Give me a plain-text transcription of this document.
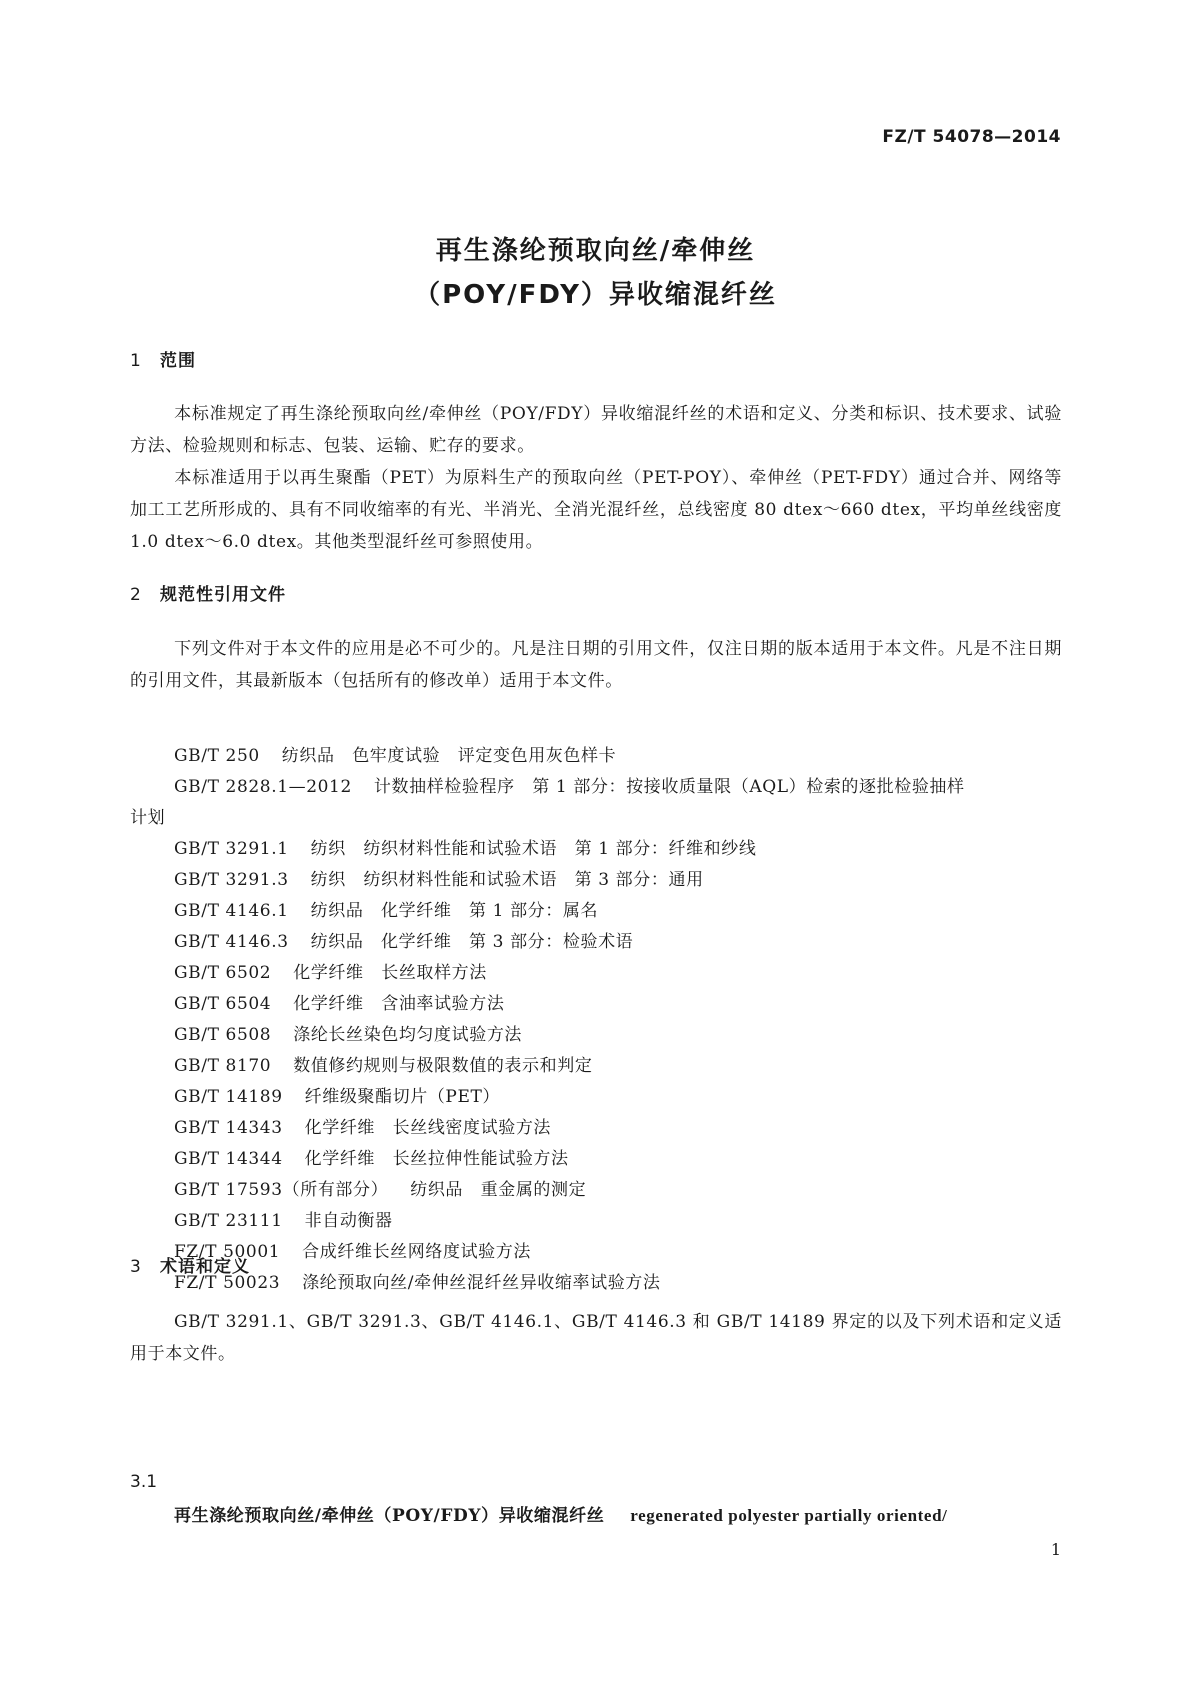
FZ/T 54078—2014
再生涤纶预取向丝/牵伸丝
（POY/FDY）异收缩混纤丝
1 范围
本标准规定了再生涤纶预取向丝/牵伸丝（POY/FDY）异收缩混纤丝的术语和定义、分类和标识、技术要求、试验方法、检验规则和标志、包装、运输、贮存的要求。
本标准适用于以再生聚酯（PET）为原料生产的预取向丝（PET-POY）、牵伸丝（PET-FDY）通过合并、网络等加工工艺所形成的、具有不同收缩率的有光、半消光、全消光混纤丝，总线密度 80 dtex～660 dtex，平均单丝线密度 1.0 dtex～6.0 dtex。其他类型混纤丝可参照使用。
2 规范性引用文件
下列文件对于本文件的应用是必不可少的。凡是注日期的引用文件，仅注日期的版本适用于本文件。凡是不注日期的引用文件，其最新版本（包括所有的修改单）适用于本文件。
GB/T 250 纺织品　色牢度试验　评定变色用灰色样卡
GB/T 2828.1—2012 计数抽样检验程序　第 1 部分：按接收质量限（AQL）检索的逐批检验抽样
计划
GB/T 3291.1 纺织　纺织材料性能和试验术语　第 1 部分：纤维和纱线
GB/T 3291.3 纺织　纺织材料性能和试验术语　第 3 部分：通用
GB/T 4146.1 纺织品　化学纤维　第 1 部分：属名
GB/T 4146.3 纺织品　化学纤维　第 3 部分：检验术语
GB/T 6502 化学纤维　长丝取样方法
GB/T 6504 化学纤维　含油率试验方法
GB/T 6508 涤纶长丝染色均匀度试验方法
GB/T 8170 数值修约规则与极限数值的表示和判定
GB/T 14189 纤维级聚酯切片（PET）
GB/T 14343 化学纤维　长丝线密度试验方法
GB/T 14344 化学纤维　长丝拉伸性能试验方法
GB/T 17593（所有部分） 纺织品　重金属的测定
GB/T 23111 非自动衡器
FZ/T 50001 合成纤维长丝网络度试验方法
FZ/T 50023 涤纶预取向丝/牵伸丝混纤丝异收缩率试验方法
3 术语和定义
GB/T 3291.1、GB/T 3291.3、GB/T 4146.1、GB/T 4146.3 和 GB/T 14189 界定的以及下列术语和定义适用于本文件。
3.1
再生涤纶预取向丝/牵伸丝（POY/FDY）异收缩混纤丝 regenerated polyester partially oriented/
1
